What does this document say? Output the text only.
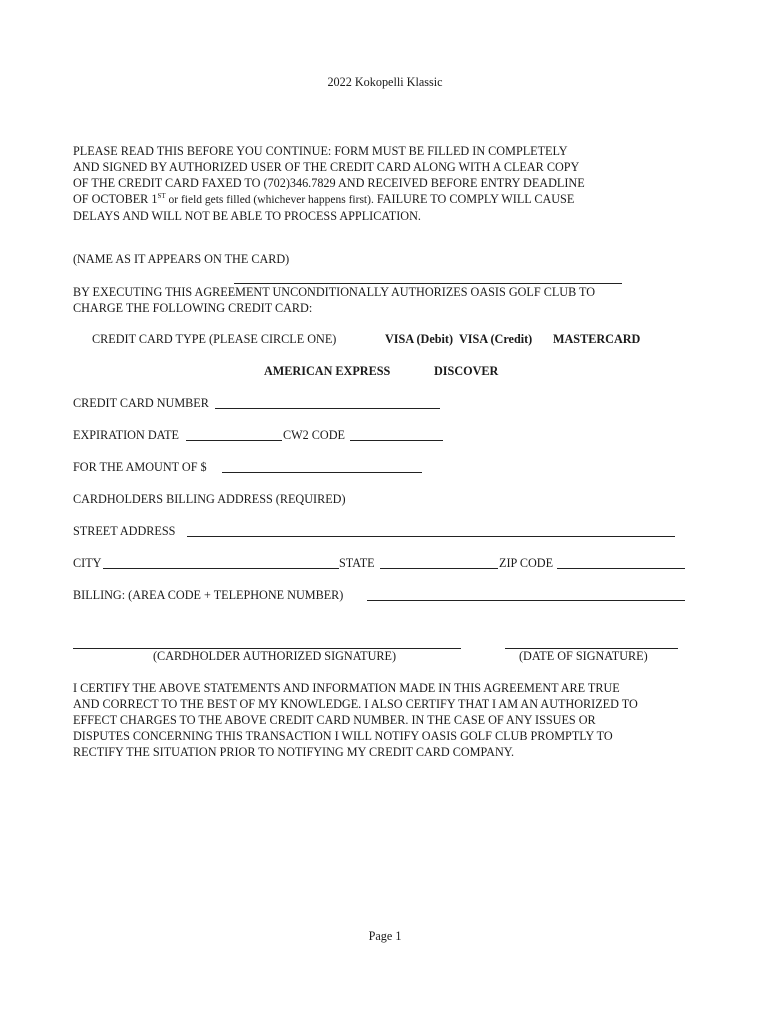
2022 Kokopelli Klassic
PLEASE READ THIS BEFORE YOU CONTINUE: FORM MUST BE FILLED IN COMPLETELY
AND SIGNED BY AUTHORIZED USER OF THE CREDIT CARD ALONG WITH A CLEAR COPY
OF THE CREDIT CARD FAXED TO (702)346.7829 AND RECEIVED BEFORE ENTRY DEADLINE
OF OCTOBER 1ST or field gets filled (whichever happens first). FAILURE TO COMPLY WILL CAUSE
DELAYS AND WILL NOT BE ABLE TO PROCESS APPLICATION.
(NAME AS IT APPEARS ON THE CARD)
BY EXECUTING THIS AGREEMENT UNCONDITIONALLY AUTHORIZES OASIS GOLF CLUB TO
CHARGE THE FOLLOWING CREDIT CARD:
CREDIT CARD TYPE (PLEASE CIRCLE ONE)	VISA (Debit) VISA (Credit) MASTERCARD
AMERICAN EXPRESS	DISCOVER
CREDIT CARD NUMBER
EXPIRATION DATE	CW2 CODE
FOR THE AMOUNT OF $
CARDHOLDERS BILLING ADDRESS (REQUIRED)
STREET ADDRESS
CITY	STATE	ZIP CODE
BILLING: (AREA CODE + TELEPHONE NUMBER)
(CARDHOLDER AUTHORIZED SIGNATURE)	(DATE OF SIGNATURE)
I CERTIFY THE ABOVE STATEMENTS AND INFORMATION MADE IN THIS AGREEMENT ARE TRUE
AND CORRECT TO THE BEST OF MY KNOWLEDGE. I ALSO CERTIFY THAT I AM AN AUTHORIZED TO
EFFECT CHARGES TO THE ABOVE CREDIT CARD NUMBER. IN THE CASE OF ANY ISSUES OR
DISPUTES CONCERNING THIS TRANSACTION I WILL NOTIFY OASIS GOLF CLUB PROMPTLY TO
RECTIFY THE SITUATION PRIOR TO NOTIFYING MY CREDIT CARD COMPANY.
Page 1
